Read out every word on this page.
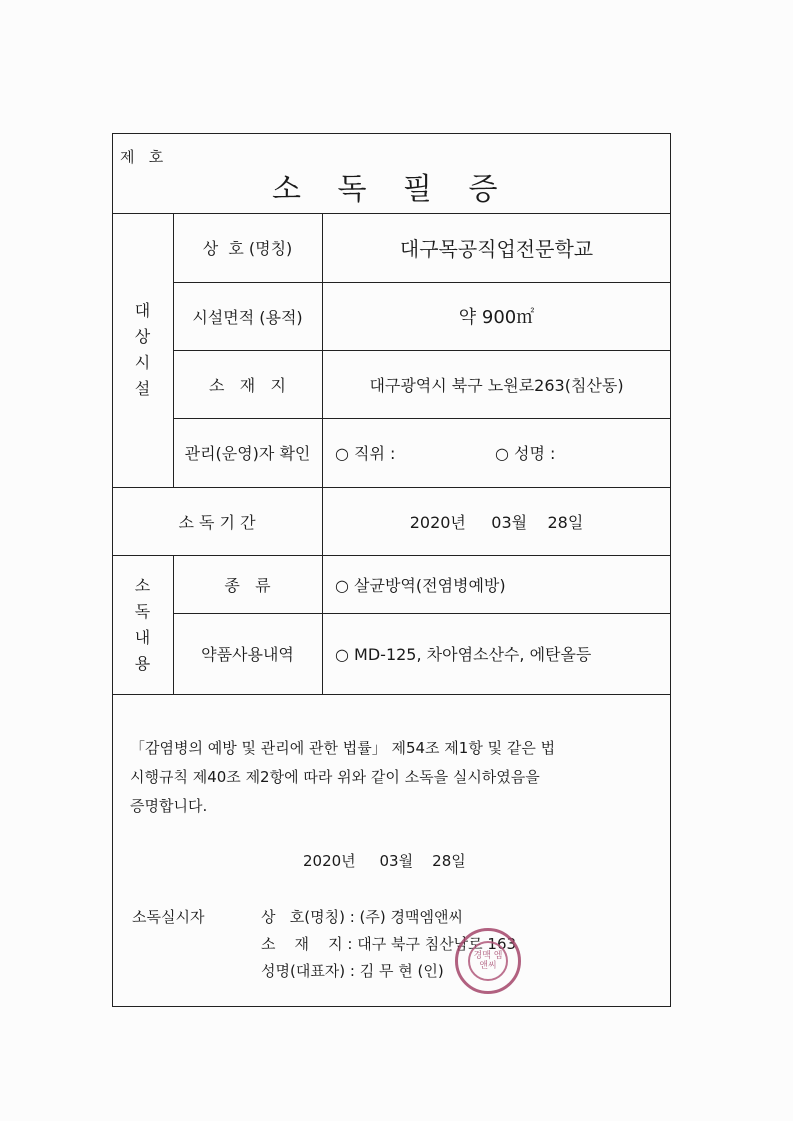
제   호
소 독 필 증
대상시설
상  호 (명칭)	대구목공직업전문학교
시설면적 (용적)	약 900㎡
소   재   지	대구광역시 북구 노원로263(침산동)
관리(운영)자 확인	○ 직위 :	○ 성명 :
소 독 기 간	2020년     03월    28일
소독내용
종   류	○ 살균방역(전염병예방)
약품사용내역	○ MD-125, 차아염소산수, 에탄올등
「감염병의 예방 및 관리에 관한 법률」 제54조 제1항 및 같은 법
시행규칙 제40조 제2항에 따라 위와 같이 소독을 실시하였음을
증명합니다.
2020년     03월    28일
소독실시자	상   호(명칭) : (주) 경맥엠앤씨
소    재    지 : 대구 북구 침산남로 163
성명(대표자) : 김 무 현 (인)
경맥 엠앤씨
